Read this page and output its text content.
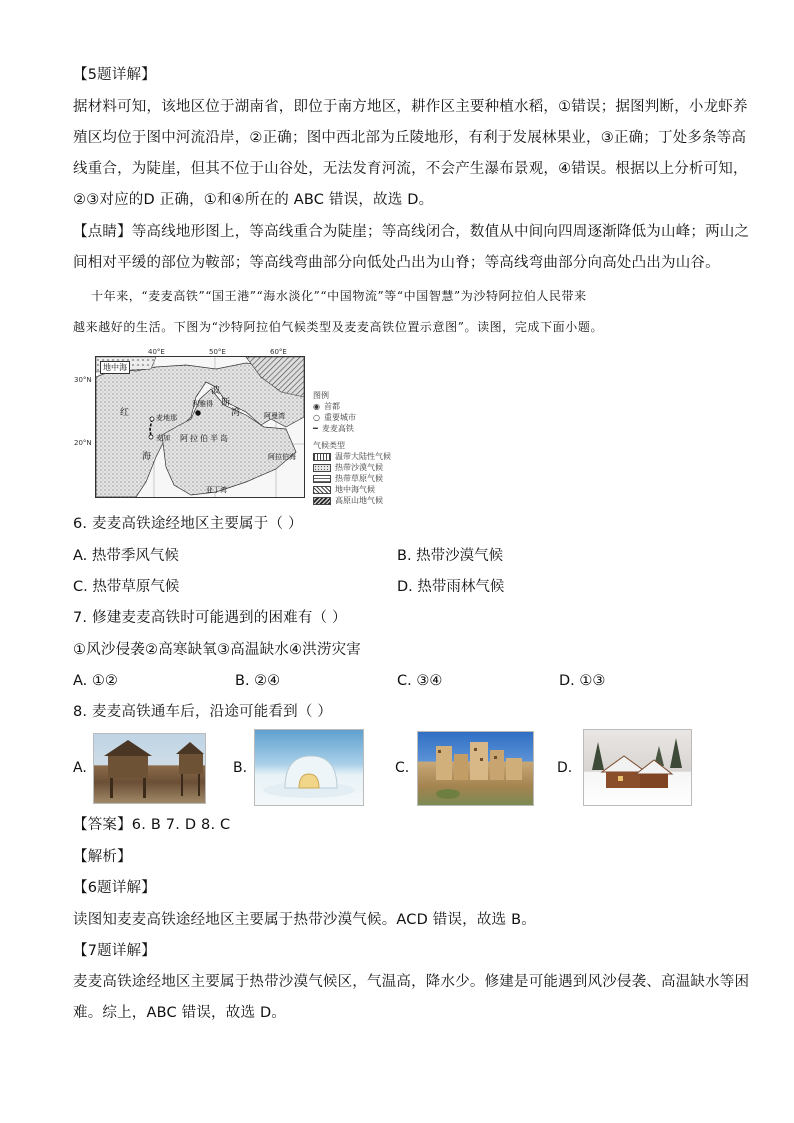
【5题详解】
据材料可知，该地区位于湖南省，即位于南方地区，耕作区主要种植水稻，①错误；据图判断，小龙虾养
殖区均位于图中河流沿岸，②正确；图中西北部为丘陵地形，有利于发展林果业，③正确；丁处多条等高
线重合，为陡崖，但其不位于山谷处，无法发育河流，不会产生瀑布景观，④错误。根据以上分析可知，
②③对应的D 正确，①和④所在的 ABC 错误，故选 D。
【点睛】等高线地形图上，等高线重合为陡崖；等高线闭合，数值从中间向四周逐渐降低为山峰；两山之
间相对平缓的部位为鞍部；等高线弯曲部分向低处凸出为山脊；等高线弯曲部分向高处凸出为山谷。
十年来，“麦麦高铁”“国王港”“海水淡化”“中国物流”等“中国智慧”为沙特阿拉伯人民带来
越来越好的生活。下图为“沙特阿拉伯气候类型及麦麦高铁位置示意图”。读图，完成下面小题。
40°E	50°E	60°E
30°N
20°N
地中海
波
斯
湾
利雅得
红
海
麦地那
麦加 阿拉伯半岛
阿曼湾
阿拉伯海
亚丁湾
图例
◉ 首都
○ 重要城市
━ 麦麦高铁
气候类型
温带大陆性气候
热带沙漠气候
热带草原气候
地中海气候
高原山地气候
6. 麦麦高铁途经地区主要属于（ ）
A. 热带季风气候	B. 热带沙漠气候
C. 热带草原气候	D. 热带雨林气候
7. 修建麦麦高铁时可能遇到的困难有（ ）
①风沙侵袭②高寒缺氧③高温缺水④洪涝灾害
A. ①②	B. ②④	C. ③④	D. ①③
8. 麦麦高铁通车后，沿途可能看到（ ）
A.	B.	C.	D.
【答案】6. B 7. D 8. C
【解析】
【6题详解】
读图知麦麦高铁途经地区主要属于热带沙漠气候。ACD 错误，故选 B。
【7题详解】
麦麦高铁途经地区主要属于热带沙漠气候区，气温高，降水少。修建是可能遇到风沙侵袭、高温缺水等困
难。综上，ABC 错误，故选 D。
